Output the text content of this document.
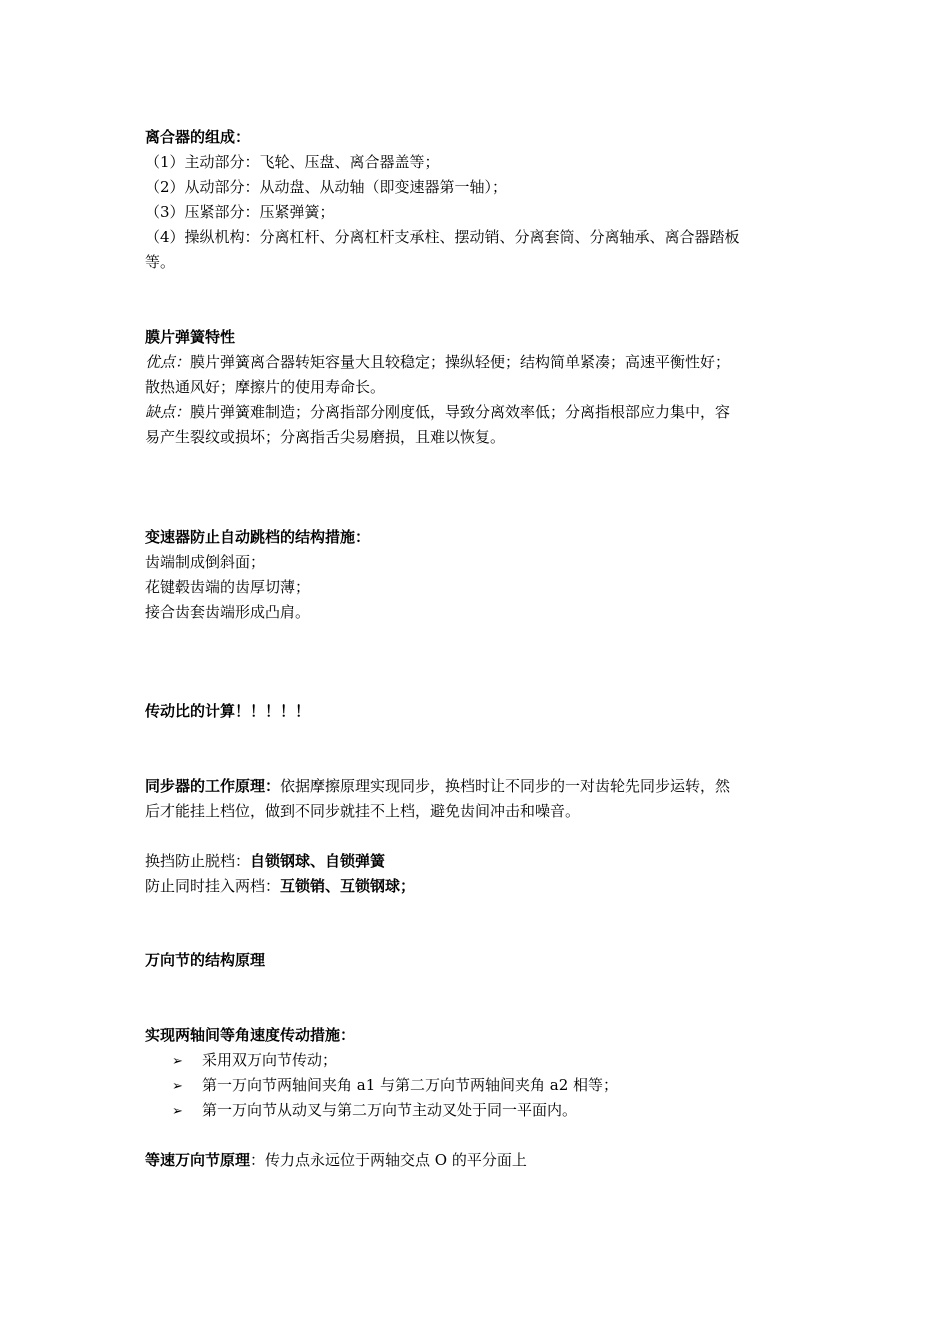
离合器的组成：
（1）主动部分：飞轮、压盘、离合器盖等；
（2）从动部分：从动盘、从动轴（即变速器第一轴）；
（3）压紧部分：压紧弹簧；
（4）操纵机构：分离杠杆、分离杠杆支承柱、摆动销、分离套筒、分离轴承、离合器踏板
等。
膜片弹簧特性
优点：膜片弹簧离合器转矩容量大且较稳定；操纵轻便；结构简单紧凑；高速平衡性好；
散热通风好；摩擦片的使用寿命长。
缺点：膜片弹簧难制造；分离指部分刚度低，导致分离效率低；分离指根部应力集中，容
易产生裂纹或损坏；分离指舌尖易磨损，且难以恢复。
变速器防止自动跳档的结构措施：
齿端制成倒斜面；
花键毂齿端的齿厚切薄；
接合齿套齿端形成凸肩。
传动比的计算！！！！！
同步器的工作原理：依据摩擦原理实现同步，换档时让不同步的一对齿轮先同步运转，然
后才能挂上档位，做到不同步就挂不上档，避免齿间冲击和噪音。
换挡防止脱档：自锁钢球、自锁弹簧
防止同时挂入两档：互锁销、互锁钢球；
万向节的结构原理
实现两轴间等角速度传动措施：
➢ 采用双万向节传动；
➢ 第一万向节两轴间夹角 a1 与第二万向节两轴间夹角 a2 相等；
➢ 第一万向节从动叉与第二万向节主动叉处于同一平面内。
等速万向节原理：传力点永远位于两轴交点 O 的平分面上
